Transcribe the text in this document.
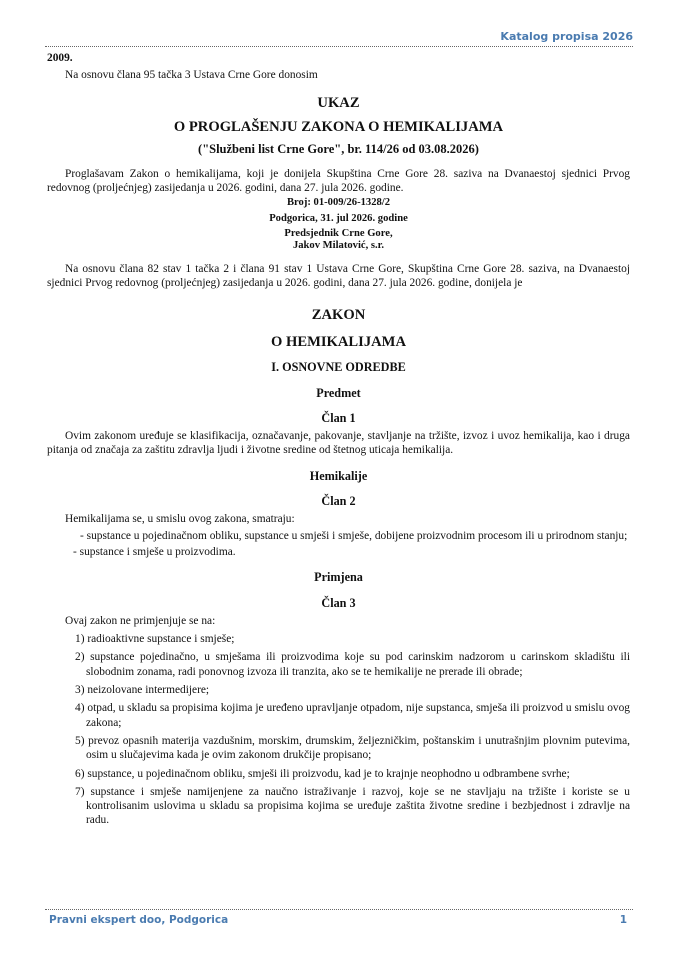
Katalog propisa 2026

2009.

Na osnovu člana 95 tačka 3 Ustava Crne Gore donosim

UKAZ

O PROGLAŠENJU ZAKONA O HEMIKALIJAMA

("Službeni list Crne Gore", br. 114/26 od 03.08.2026)

Proglašavam Zakon o hemikalijama, koji je donijela Skupština Crne Gore 28. saziva na Dvanaestoj sjednici Prvog redovnog (proljećnjeg) zasijedanja u 2026. godini, dana 27. jula 2026. godine.

Broj: 01-009/26-1328/2

Podgorica, 31. jul 2026. godine

Predsjednik Crne Gore,

Jakov Milatović, s.r.

Na osnovu člana 82 stav 1 tačka 2 i člana 91 stav 1 Ustava Crne Gore, Skupština Crne Gore 28. saziva, na Dvanaestoj sjednici Prvog redovnog (proljećnjeg) zasijedanja u 2026. godini, dana 27. jula 2026. godine, donijela je

ZAKON

O HEMIKALIJAMA

I. OSNOVNE ODREDBE

Predmet

Član 1

Ovim zakonom uređuje se klasifikacija, označavanje, pakovanje, stavljanje na tržište, izvoz i uvoz hemikalija, kao i druga pitanja od značaja za zaštitu zdravlja ljudi i životne sredine od štetnog uticaja hemikalija.

Hemikalije

Član 2

Hemikalijama se, u smislu ovog zakona, smatraju:

- supstance u pojedinačnom obliku, supstance u smješi i smješe, dobijene proizvodnim procesom ili u prirodnom stanju;

- supstance i smješe u proizvodima.

Primjena

Član 3

Ovaj zakon ne primjenjuje se na:

1) radioaktivne supstance i smješe;

2) supstance pojedinačno, u smješama ili proizvodima koje su pod carinskim nadzorom u carinskom skladištu ili slobodnim zonama, radi ponovnog izvoza ili tranzita, ako se te hemikalije ne prerade ili obrade;

3) neizolovane intermedijere;

4) otpad, u skladu sa propisima kojima je uređeno upravljanje otpadom, nije supstanca, smješa ili proizvod u smislu ovog zakona;

5) prevoz opasnih materija vazdušnim, morskim, drumskim, željezničkim, poštanskim i unutrašnjim plovnim putevima, osim u slučajevima kada je ovim zakonom drukčije propisano;

6) supstance, u pojedinačnom obliku, smješi ili proizvodu, kad je to krajnje neophodno u odbrambene svrhe;

7) supstance i smješe namijenjene za naučno istraživanje i razvoj, koje se ne stavljaju na tržište i koriste se u kontrolisanim uslovima u skladu sa propisima kojima se uređuje zaštita životne sredine i bezbjednost i zdravlje na radu.

Pravni ekspert doo, Podgorica	1
